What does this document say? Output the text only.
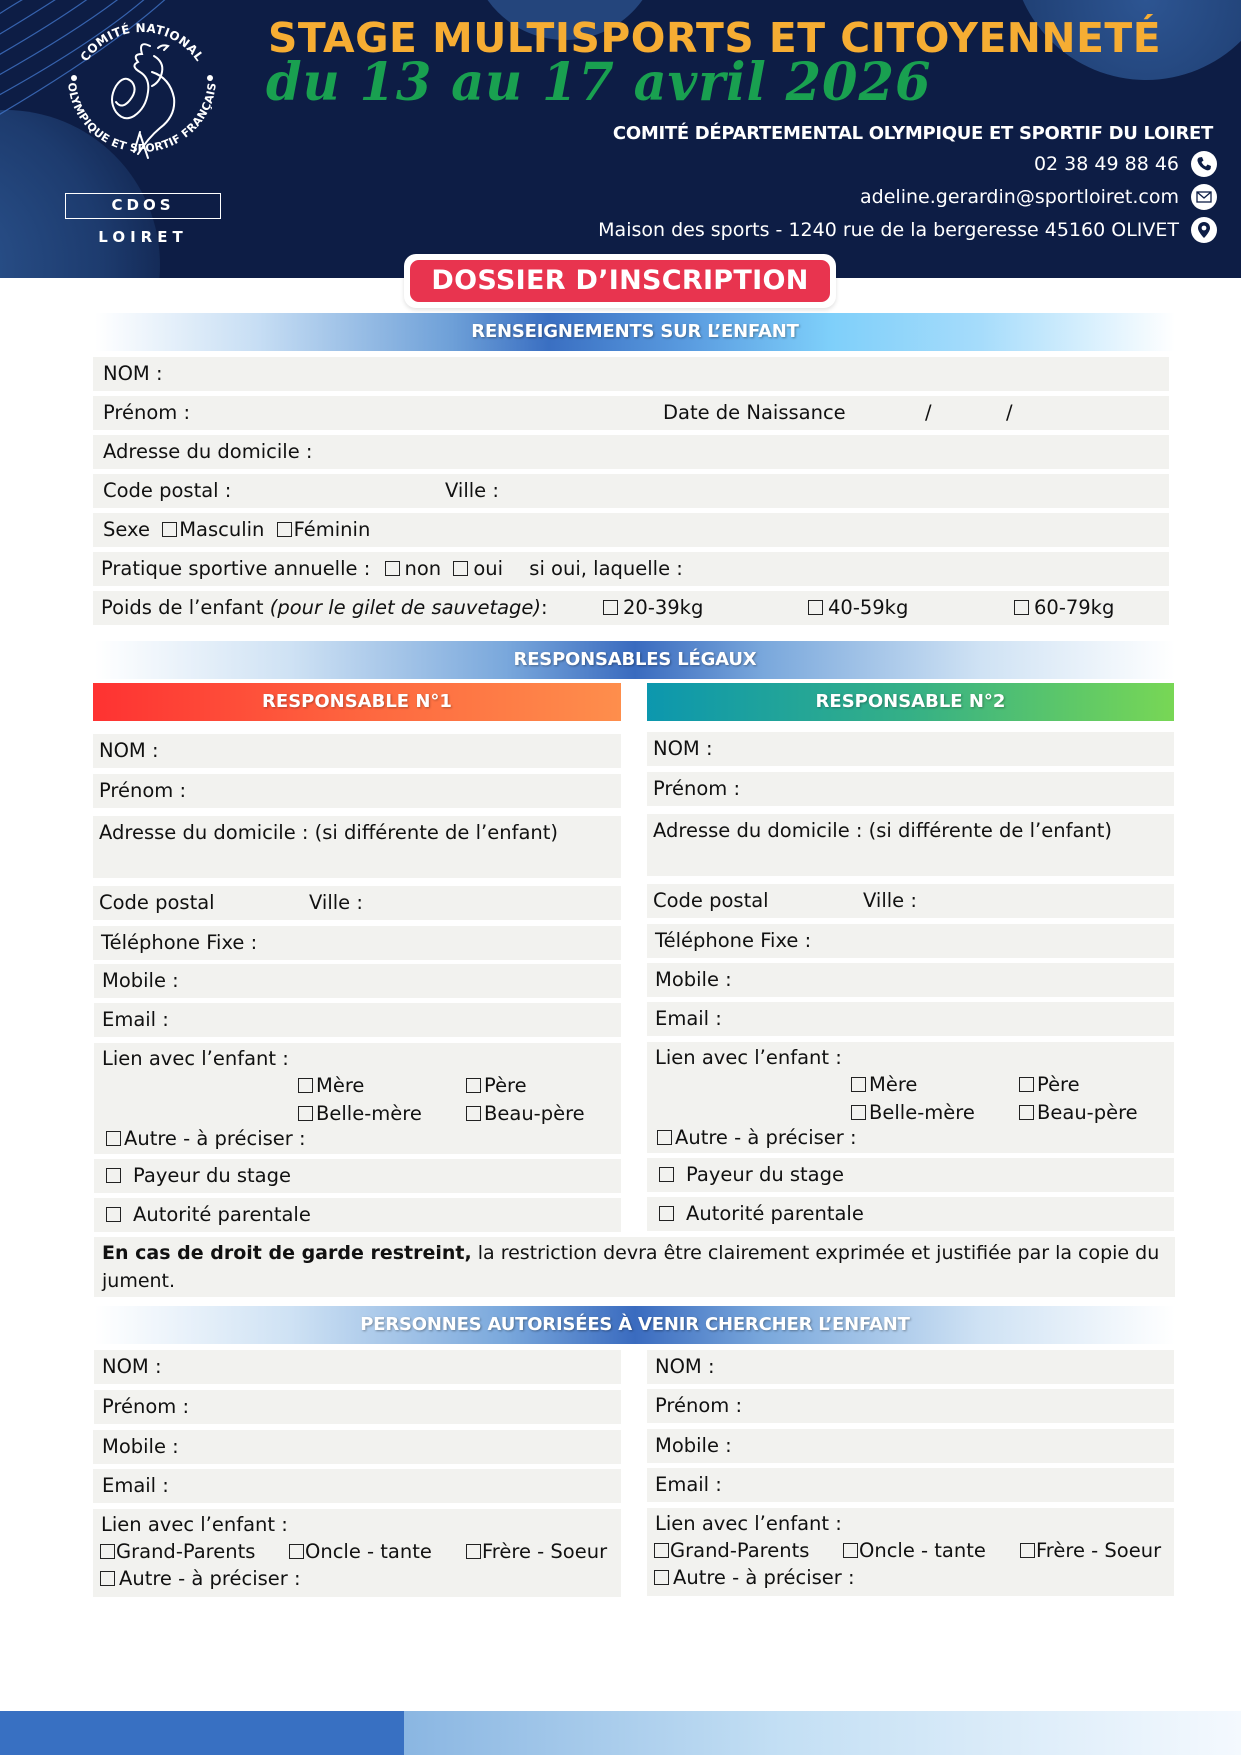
COMITÉ NATIONAL
OLYMPIQUE ET SPORTIF FRANÇAIS
CDOS
LOIRET
STAGE MULTISPORTS ET CITOYENNETÉ
du 13 au 17 avril 2026
COMITÉ DÉPARTEMENTAL OLYMPIQUE ET SPORTIF DU LOIRET
02 38 49 88 46
adeline.gerardin@sportloiret.com
Maison des sports - 1240 rue de la bergeresse 45160 OLIVET
DOSSIER D’INSCRIPTION
RENSEIGNEMENTS SUR L’ENFANT
NOM :
Prénom :	Date de Naissance	/	/
Adresse du domicile :
Code postal :	Ville :
Sexe Masculin Féminin
Pratique sportive annuelle : non oui si oui, laquelle :
Poids de l’enfant (pour le gilet de sauvetage):	20-39kg	40-59kg	60-79kg
RESPONSABLES LÉGAUX
RESPONSABLE N°1	RESPONSABLE N°2
NOM :
Prénom :
Adresse du domicile : (si différente de l’enfant)
Code postal	Ville :
Téléphone Fixe :
Mobile :
Email :
Lien avec l’enfant :
Mère	Père
Belle-mère	Beau-père
Autre - à préciser :
Payeur du stage
Autorité parentale
NOM :
Prénom :
Adresse du domicile : (si différente de l’enfant)
Code postal	Ville :
Téléphone Fixe :
Mobile :
Email :
Lien avec l’enfant :
Mère	Père
Belle-mère	Beau-père
Autre - à préciser :
Payeur du stage
Autorité parentale
En cas de droit de garde restreint, la restriction devra être clairement exprimée et justifiée par la copie du jument.
PERSONNES AUTORISÉES À VENIR CHERCHER L’ENFANT
NOM :
Prénom :
Mobile :
Email :
Lien avec l’enfant :
Grand-Parents	Oncle - tante	Frère - Soeur
Autre - à préciser :
NOM :
Prénom :
Mobile :
Email :
Lien avec l’enfant :
Grand-Parents	Oncle - tante	Frère - Soeur
Autre - à préciser :
